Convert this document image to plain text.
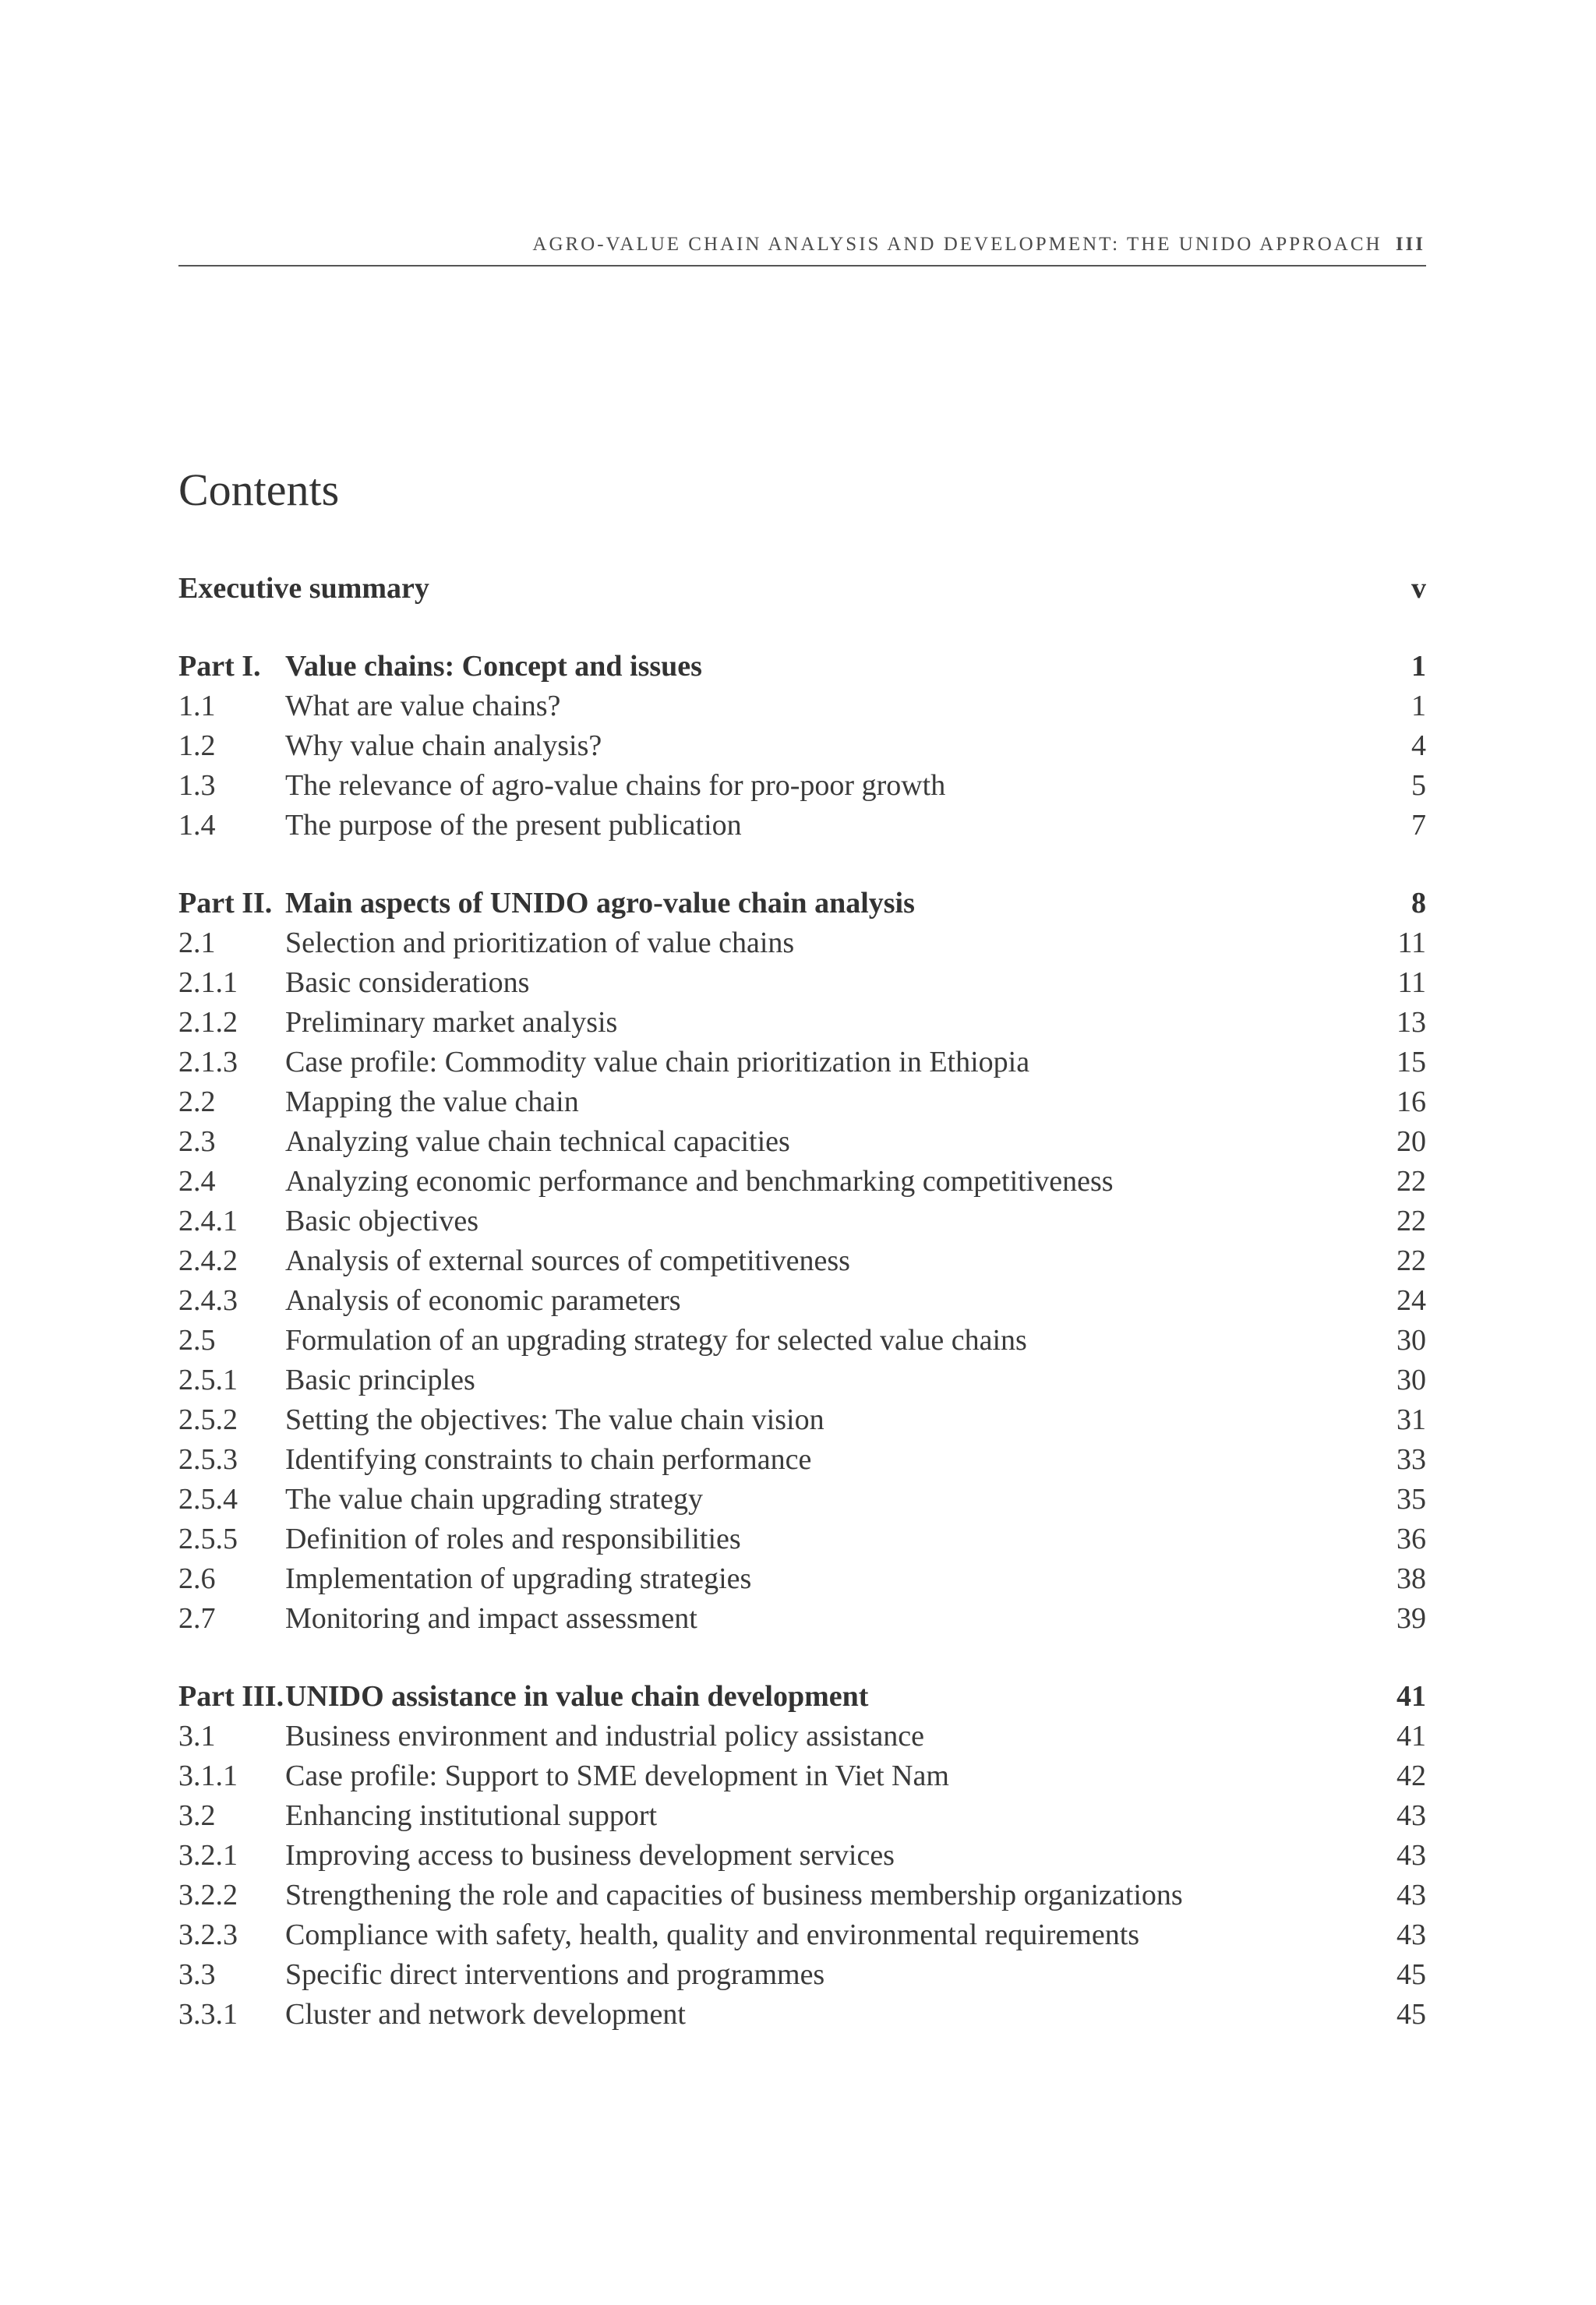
AGRO-VALUE CHAIN ANALYSIS AND DEVELOPMENT: THE UNIDO APPROACH III
Contents
Executive summary	v
Part I. Value chains: Concept and issues	1
1.1 What are value chains?	1
1.2 Why value chain analysis?	4
1.3 The relevance of agro-value chains for pro-poor growth	5
1.4 The purpose of the present publication	7
Part II. Main aspects of UNIDO agro-value chain analysis	8
2.1 Selection and prioritization of value chains	11
2.1.1 Basic considerations	11
2.1.2 Preliminary market analysis	13
2.1.3 Case profile: Commodity value chain prioritization in Ethiopia	15
2.2 Mapping the value chain	16
2.3 Analyzing value chain technical capacities	20
2.4 Analyzing economic performance and benchmarking competitiveness	22
2.4.1 Basic objectives	22
2.4.2 Analysis of external sources of competitiveness	22
2.4.3 Analysis of economic parameters	24
2.5 Formulation of an upgrading strategy for selected value chains	30
2.5.1 Basic principles	30
2.5.2 Setting the objectives: The value chain vision	31
2.5.3 Identifying constraints to chain performance	33
2.5.4 The value chain upgrading strategy	35
2.5.5 Definition of roles and responsibilities	36
2.6 Implementation of upgrading strategies	38
2.7 Monitoring and impact assessment	39
Part III. UNIDO assistance in value chain development	41
3.1 Business environment and industrial policy assistance	41
3.1.1 Case profile: Support to SME development in Viet Nam	42
3.2 Enhancing institutional support	43
3.2.1 Improving access to business development services	43
3.2.2 Strengthening the role and capacities of business membership organizations	43
3.2.3 Compliance with safety, health, quality and environmental requirements	43
3.3 Specific direct interventions and programmes	45
3.3.1 Cluster and network development	45
